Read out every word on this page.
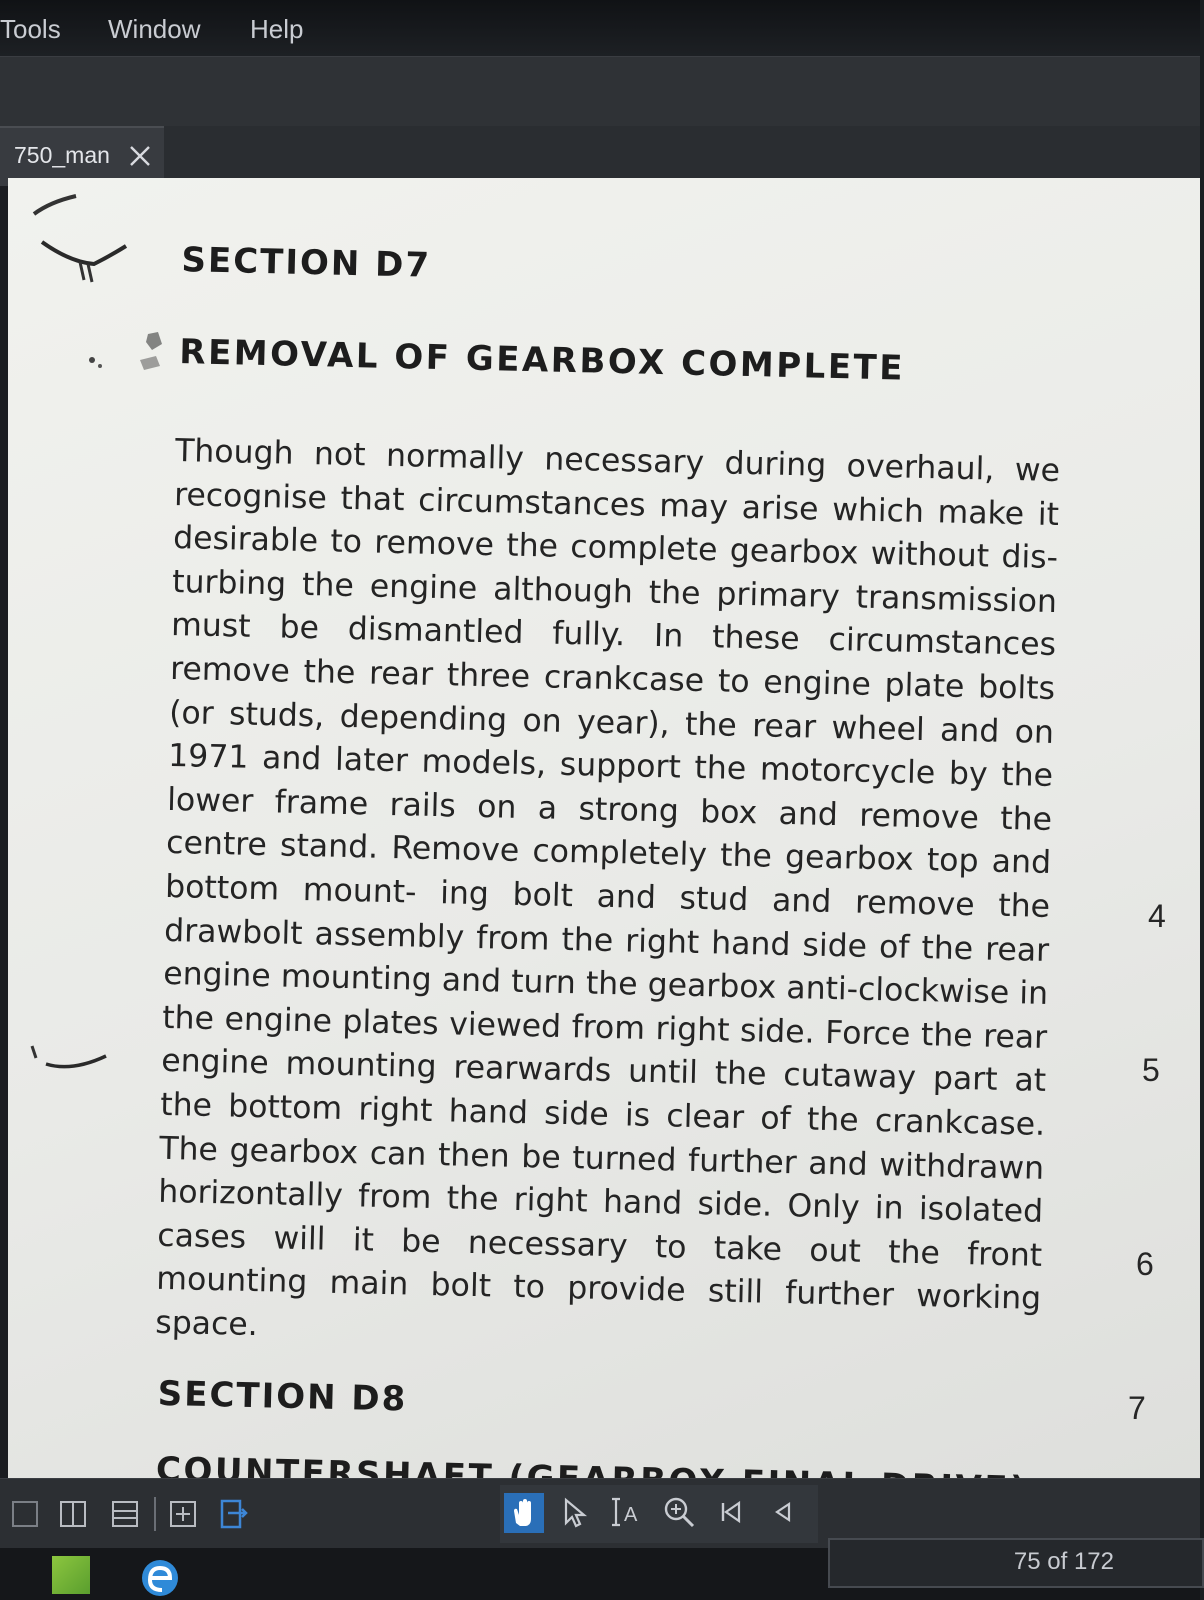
Tools Window Help
750_man
SECTION D7
REMOVAL OF GEARBOX COMPLETE
Though not normally necessary during overhaul, we recognise that circumstances may arise which make it desirable to remove the complete gearbox without dis- turbing the engine although the primary transmission must be dismantled fully. In these circumstances remove the rear three crankcase to engine plate bolts (or studs, depending on year), the rear wheel and on 1971 and later models, support the motorcycle by the lower frame rails on a strong box and remove the centre stand. Remove completely the gearbox top and bottom mount- ing bolt and stud and remove the drawbolt assembly from the right hand side of the rear engine mounting and turn the gearbox anti-clockwise in the engine plates viewed from right side. Force the rear engine mounting rearwards until the cutaway part at the bottom right hand side is clear of the crankcase. The gearbox can then be turned further and withdrawn horizontally from the right hand side. Only in isolated cases will it be necessary to take out the front mounting main bolt to provide still further working space.
SECTION D8
4
5
6
7
A
75 of 172
